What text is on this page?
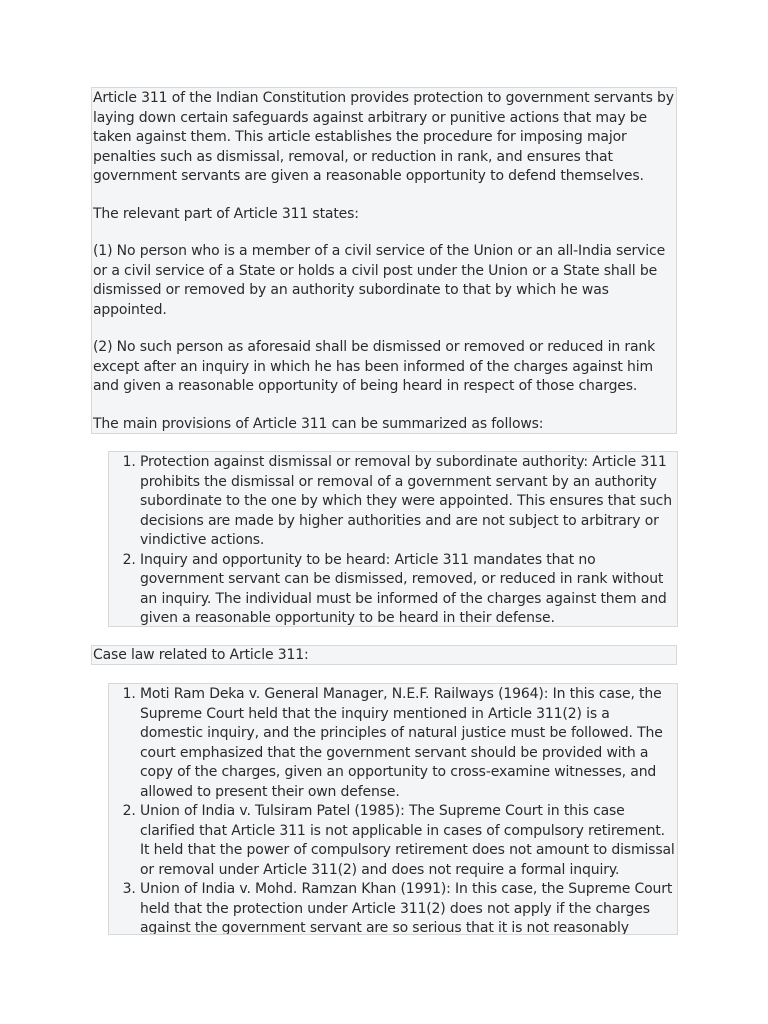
Article 311 of the Indian Constitution provides protection to government servants by laying down certain safeguards against arbitrary or punitive actions that may be taken against them. This article establishes the procedure for imposing major penalties such as dismissal, removal, or reduction in rank, and ensures that government servants are given a reasonable opportunity to defend themselves.

The relevant part of Article 311 states:

(1) No person who is a member of a civil service of the Union or an all-India service or a civil service of a State or holds a civil post under the Union or a State shall be dismissed or removed by an authority subordinate to that by which he was appointed.

(2) No such person as aforesaid shall be dismissed or removed or reduced in rank except after an inquiry in which he has been informed of the charges against him and given a reasonable opportunity of being heard in respect of those charges.

The main provisions of Article 311 can be summarized as follows:

1. Protection against dismissal or removal by subordinate authority: Article 311 prohibits the dismissal or removal of a government servant by an authority subordinate to the one by which they were appointed. This ensures that such decisions are made by higher authorities and are not subject to arbitrary or vindictive actions.
2. Inquiry and opportunity to be heard: Article 311 mandates that no government servant can be dismissed, removed, or reduced in rank without an inquiry. The individual must be informed of the charges against them and given a reasonable opportunity to be heard in their defense.
Case law related to Article 311:
1. Moti Ram Deka v. General Manager, N.E.F. Railways (1964): In this case, the Supreme Court held that the inquiry mentioned in Article 311(2) is a domestic inquiry, and the principles of natural justice must be followed. The court emphasized that the government servant should be provided with a copy of the charges, given an opportunity to cross-examine witnesses, and allowed to present their own defense.
2. Union of India v. Tulsiram Patel (1985): The Supreme Court in this case clarified that Article 311 is not applicable in cases of compulsory retirement. It held that the power of compulsory retirement does not amount to dismissal or removal under Article 311(2) and does not require a formal inquiry.
3. Union of India v. Mohd. Ramzan Khan (1991): In this case, the Supreme Court held that the protection under Article 311(2) does not apply if the charges against the government servant are so serious that it is not reasonably
